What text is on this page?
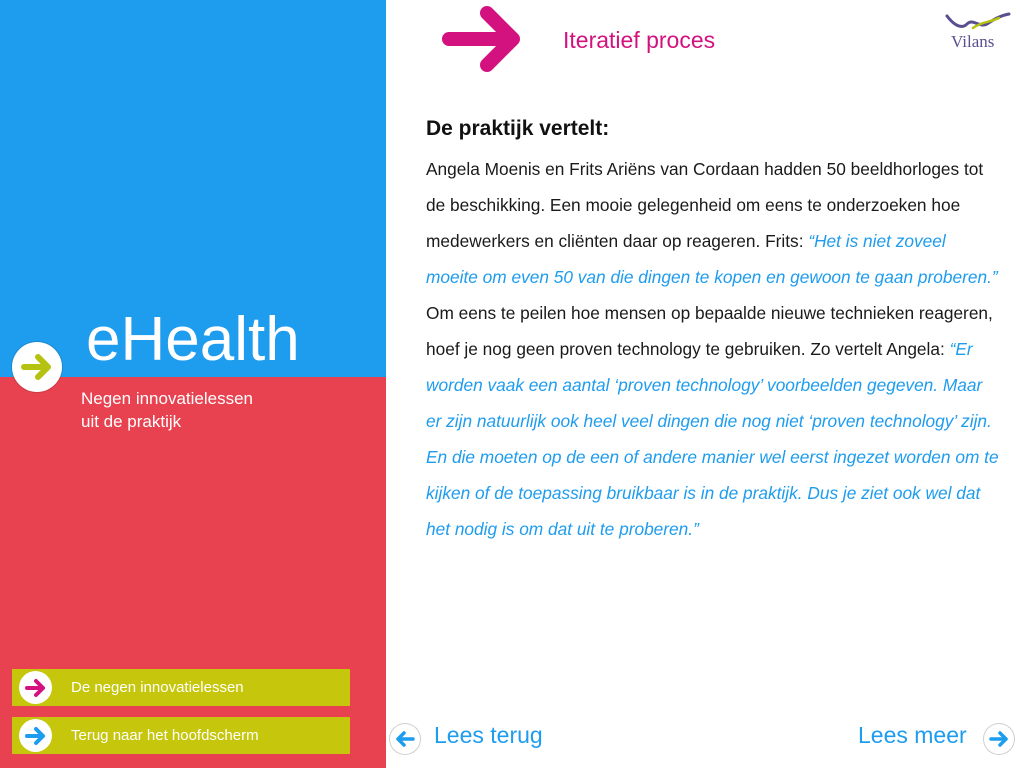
eHealth
Negen innovatielessen
uit de praktijk
De negen innovatielessen
Terug naar het hoofdscherm
Iteratief proces	Vilans
De praktijk vertelt:

Angela Moenis en Frits Ariëns van Cordaan hadden 50 beeldhorloges tot de beschikking. Een mooie gelegenheid om eens te onderzoeken hoe medewerkers en cliënten daar op reageren. Frits: “Het is niet zoveel moeite om even 50 van die dingen te kopen en gewoon te gaan proberen.”

Om eens te peilen hoe mensen op bepaalde nieuwe technieken reageren, hoef je nog geen proven technology te gebruiken. Zo vertelt Angela: “Er worden vaak een aantal ‘proven technology’ voorbeelden gegeven. Maar er zijn natuurlijk ook heel veel dingen die nog niet ‘proven technology’ zijn. En die moeten op de een of andere manier wel eerst ingezet worden om te kijken of de toepassing bruikbaar is in de praktijk. Dus je ziet ook wel dat het nodig is om dat uit te proberen.”

Lees terug	Lees meer
